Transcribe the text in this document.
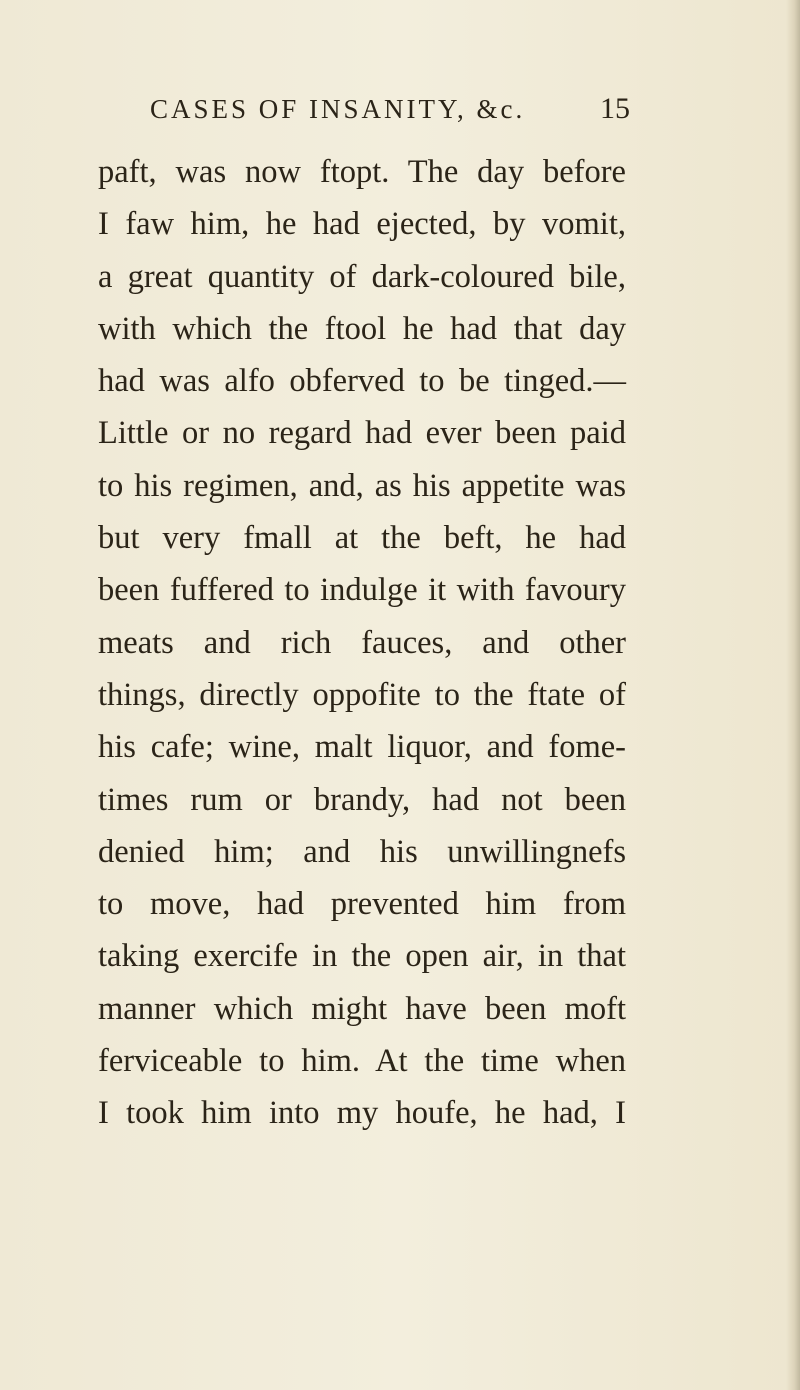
CASES OF INSANITY, &c. 15
paft, was now ftopt. The day before
I faw him, he had ejected, by vomit,
a great quantity of dark-coloured bile,
with which the ftool he had that day
had was alfo obferved to be tinged.—
Little or no regard had ever been paid
to his regimen, and, as his appetite was
but very fmall at the beft, he had
been fuffered to indulge it with favoury
meats and rich fauces, and other
things, directly oppofite to the ftate of
his cafe; wine, malt liquor, and fome-
times rum or brandy, had not been
denied him; and his unwillingnefs
to move, had prevented him from
taking exercife in the open air, in that
manner which might have been moft
ferviceable to him. At the time when
I took him into my houfe, he had, I
